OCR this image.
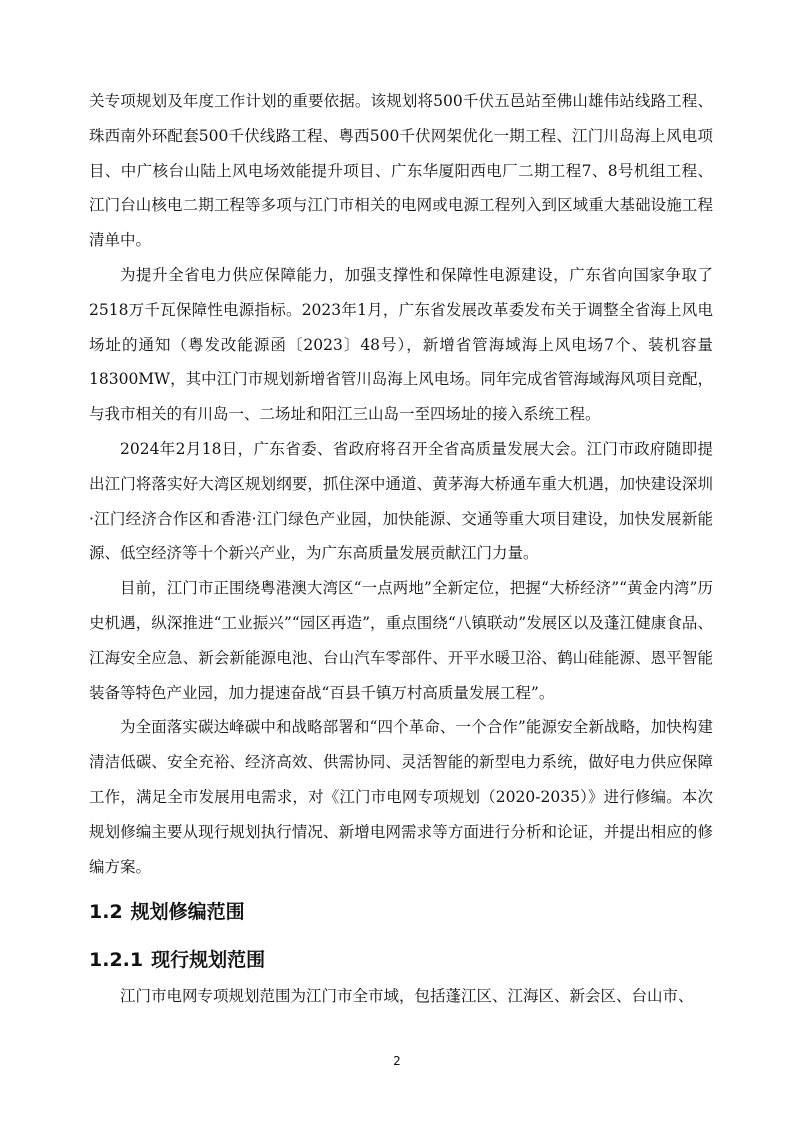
关专项规划及年度工作计划的重要依据。该规划将500千伏五邑站至佛山雄伟站线路工程、珠西南外环配套500千伏线路工程、粤西500千伏网架优化一期工程、江门川岛海上风电项目、中广核台山陆上风电场效能提升项目、广东华厦阳西电厂二期工程7、8号机组工程、江门台山核电二期工程等多项与江门市相关的电网或电源工程列入到区域重大基础设施工程清单中。

为提升全省电力供应保障能力，加强支撑性和保障性电源建设，广东省向国家争取了2518万千瓦保障性电源指标。2023年1月，广东省发展改革委发布关于调整全省海上风电场址的通知（粤发改能源函〔2023〕48号），新增省管海域海上风电场7个、装机容量18300MW，其中江门市规划新增省管川岛海上风电场。同年完成省管海域海风项目竞配，与我市相关的有川岛一、二场址和阳江三山岛一至四场址的接入系统工程。

2024年2月18日，广东省委、省政府将召开全省高质量发展大会。江门市政府随即提出江门将落实好大湾区规划纲要，抓住深中通道、黄茅海大桥通车重大机遇，加快建设深圳·江门经济合作区和香港·江门绿色产业园，加快能源、交通等重大项目建设，加快发展新能源、低空经济等十个新兴产业，为广东高质量发展贡献江门力量。

目前，江门市正围绕粤港澳大湾区“一点两地”全新定位，把握“大桥经济”“黄金内湾”历史机遇，纵深推进“工业振兴”“园区再造”，重点围绕“八镇联动”发展区以及蓬江健康食品、江海安全应急、新会新能源电池、台山汽车零部件、开平水暖卫浴、鹤山硅能源、恩平智能装备等特色产业园，加力提速奋战“百县千镇万村高质量发展工程”。

为全面落实碳达峰碳中和战略部署和“四个革命、一个合作”能源安全新战略，加快构建清洁低碳、安全充裕、经济高效、供需协同、灵活智能的新型电力系统，做好电力供应保障工作，满足全市发展用电需求，对《江门市电网专项规划（2020-2035）》进行修编。本次规划修编主要从现行规划执行情况、新增电网需求等方面进行分析和论证，并提出相应的修编方案。

1.2 规划修编范围
1.2.1 现行规划范围

江门市电网专项规划范围为江门市全市域，包括蓬江区、江海区、新会区、台山市、

2
